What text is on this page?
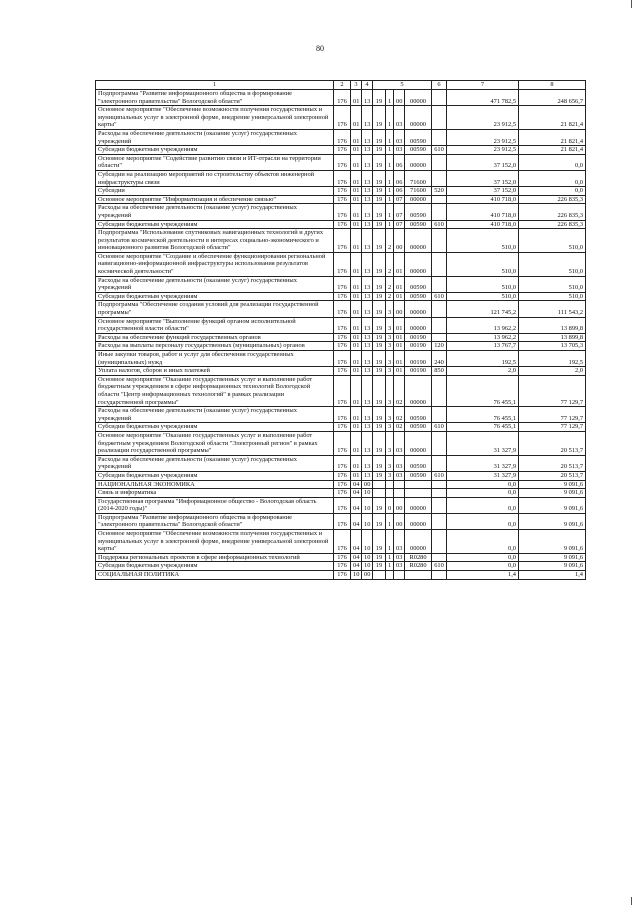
80
1	2	3	4	5				6	7	8
Подпрограмма "Развитие информационного общества и формирование "электронного правительства" Вологодской области"	176	01	13	19	1	00	00000		471 782,5	248 656,7
Основное мероприятие "Обеспечение возможности получения государственных и муниципальных услуг в электронной форме, внедрение универсальной электронной карты"	176	01	13	19	1	03	00000		23 912,5	21 821,4
Расходы на обеспечение деятельности (оказание услуг) государственных учреждений	176	01	13	19	1	03	00590		23 912,5	21 821,4
Субсидии бюджетным учреждениям	176	01	13	19	1	03	00590	610	23 912,5	21 821,4
Основное мероприятие "Содействие развитию связи и ИТ-отрасли на территории области"	176	01	13	19	1	06	00000		37 152,0	0,0
Субсидии на реализацию мероприятий по строительству объектов инженерной инфраструктуры связи	176	01	13	19	1	06	71600		37 152,0	0,0
Субсидии	176	01	13	19	1	06	71600	520	37 152,0	0,0
Основное мероприятие "Информатизация и обеспечение связью"	176	01	13	19	1	07	00000		410 718,0	226 835,3
Расходы на обеспечение деятельности (оказание услуг) государственных учреждений	176	01	13	19	1	07	00590		410 718,0	226 835,3
Субсидии бюджетным учреждениям	176	01	13	19	1	07	00590	610	410 718,0	226 835,3
Подпрограмма "Использование спутниковых навигационных технологий и других результатов космической деятельности в интересах социально-экономического и инновационного развития Вологодской области"	176	01	13	19	2	00	00000		510,0	510,0
Основное мероприятие "Создание и обеспечение функционирования региональной навигационно-информационной инфраструктуры использования результатов космической деятельности"	176	01	13	19	2	01	00000		510,0	510,0
Расходы на обеспечение деятельности (оказание услуг) государственных учреждений	176	01	13	19	2	01	00590		510,0	510,0
Субсидии бюджетным учреждениям	176	01	13	19	2	01	00590	610	510,0	510,0
Подпрограмма "Обеспечение создания условий для реализации государственной программы"	176	01	13	19	3	00	00000		121 745,2	111 543,2
Основное мероприятие "Выполнение функций органом исполнительной государственной власти области"	176	01	13	19	3	01	00000		13 962,2	13 899,8
Расходы на обеспечение функций государственных органов	176	01	13	19	3	01	00190		13 962,2	13 899,8
Расходы на выплаты персоналу государственных (муниципальных) органов	176	01	13	19	3	01	00190	120	13 767,7	13 705,3
Иные закупки товаров, работ и услуг для обеспечения государственных (муниципальных) нужд	176	01	13	19	3	01	00190	240	192,5	192,5
Уплата налогов, сборов и иных платежей	176	01	13	19	3	01	00190	850	2,0	2,0
Основное мероприятие "Оказание государственных услуг и выполнение работ бюджетным учреждением в сфере информационных технологий Вологодской области "Центр информационных технологий" в рамках реализации государственной программы"	176	01	13	19	3	02	00000		76 455,1	77 129,7
Расходы на обеспечение деятельности (оказание услуг) государственных учреждений	176	01	13	19	3	02	00590		76 455,1	77 129,7
Субсидии бюджетным учреждениям	176	01	13	19	3	02	00590	610	76 455,1	77 129,7
Основное мероприятие "Оказание государственных услуг и выполнение работ бюджетным учреждением Вологодской области "Электронный регион" в рамках реализации государственной программы"	176	01	13	19	3	03	00000		31 327,9	20 513,7
Расходы на обеспечение деятельности (оказание услуг) государственных учреждений	176	01	13	19	3	03	00590		31 327,9	20 513,7
Субсидии бюджетным учреждениям	176	01	13	19	3	03	00590	610	31 327,9	20 513,7
НАЦИОНАЛЬНАЯ ЭКОНОМИКА	176	04	00						0,0	9 091,6
Связь и информатика	176	04	10						0,0	9 091,6
Государственная программа "Информационное общество - Вологодская область (2014-2020 годы)"	176	04	10	19	0	00	00000		0,0	9 091,6
Подпрограмма "Развитие информационного общества и формирование "электронного правительства" Вологодской области"	176	04	10	19	1	00	00000		0,0	9 091,6
Основное мероприятие "Обеспечение возможности получения государственных и муниципальных услуг в электронной форме, внедрение универсальной электронной карты"	176	04	10	19	1	03	00000		0,0	9 091,6
Поддержка региональных проектов в сфере информационных технологий	176	04	10	19	1	03	R0280		0,0	9 091,6
Субсидии бюджетным учреждениям	176	04	10	19	1	03	R0280	610	0,0	9 091,6
СОЦИАЛЬНАЯ ПОЛИТИКА	176	10	00						1,4	1,4
